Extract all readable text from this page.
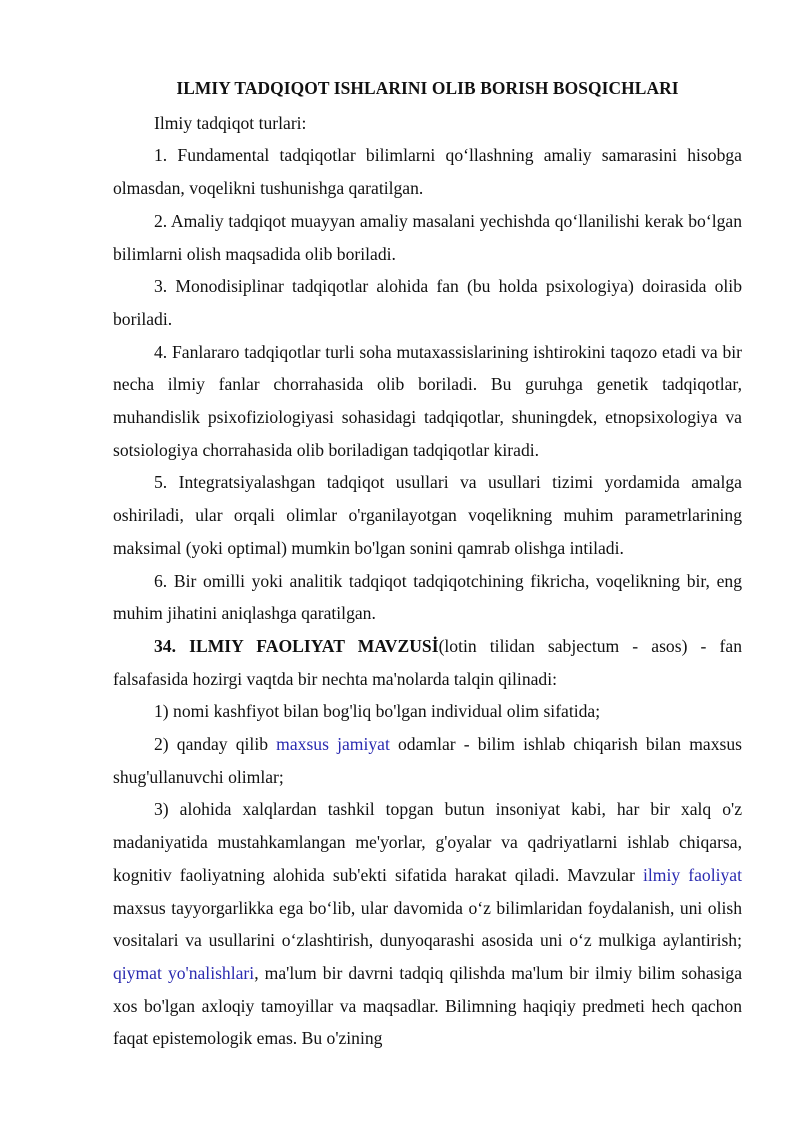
ILMIY TADQIQOT ISHLARINI OLIB BORISH BOSQICHLARI

Ilmiy tadqiqot turlari:

1. Fundamental tadqiqotlar bilimlarni qo‘llashning amaliy samarasini hisobga olmasdan, voqelikni tushunishga qaratilgan.

2. Amaliy tadqiqot muayyan amaliy masalani yechishda qo‘llanilishi kerak bo‘lgan bilimlarni olish maqsadida olib boriladi.

3. Monodisiplinar tadqiqotlar alohida fan (bu holda psixologiya) doirasida olib boriladi.

4. Fanlararo tadqiqotlar turli soha mutaxassislarining ishtirokini taqozo etadi va bir necha ilmiy fanlar chorrahasida olib boriladi. Bu guruhga genetik tadqiqotlar, muhandislik psixofiziologiyasi sohasidagi tadqiqotlar, shuningdek, etnopsixologiya va sotsiologiya chorrahasida olib boriladigan tadqiqotlar kiradi.

5. Integratsiyalashgan tadqiqot usullari va usullari tizimi yordamida amalga oshiriladi, ular orqali olimlar o'rganilayotgan voqelikning muhim parametrlarining maksimal (yoki optimal) mumkin bo'lgan sonini qamrab olishga intiladi.

6. Bir omilli yoki analitik tadqiqot tadqiqotchining fikricha, voqelikning bir, eng muhim jihatini aniqlashga qaratilgan.

34. ILMIY FAOLIYAT MAVZUSİ(lotin tilidan sabjectum - asos) - fan falsafasida hozirgi vaqtda bir nechta ma'nolarda talqin qilinadi:

1) nomi kashfiyot bilan bog'liq bo'lgan individual olim sifatida;

2) qanday qilib maxsus jamiyat odamlar - bilim ishlab chiqarish bilan maxsus shug'ullanuvchi olimlar;

3) alohida xalqlardan tashkil topgan butun insoniyat kabi, har bir xalq o'z madaniyatida mustahkamlangan me'yorlar, g'oyalar va qadriyatlarni ishlab chiqarsa, kognitiv faoliyatning alohida sub'ekti sifatida harakat qiladi. Mavzular ilmiy faoliyat maxsus tayyorgarlikka ega bo‘lib, ular davomida o‘z bilimlaridan foydalanish, uni olish vositalari va usullarini o‘zlashtirish, dunyoqarashi asosida uni o‘z mulkiga aylantirish; qiymat yo'nalishlari, ma'lum bir davrni tadqiq qilishda ma'lum bir ilmiy bilim sohasiga xos bo'lgan axloqiy tamoyillar va maqsadlar. Bilimning haqiqiy predmeti hech qachon faqat epistemologik emas. Bu o'zining
